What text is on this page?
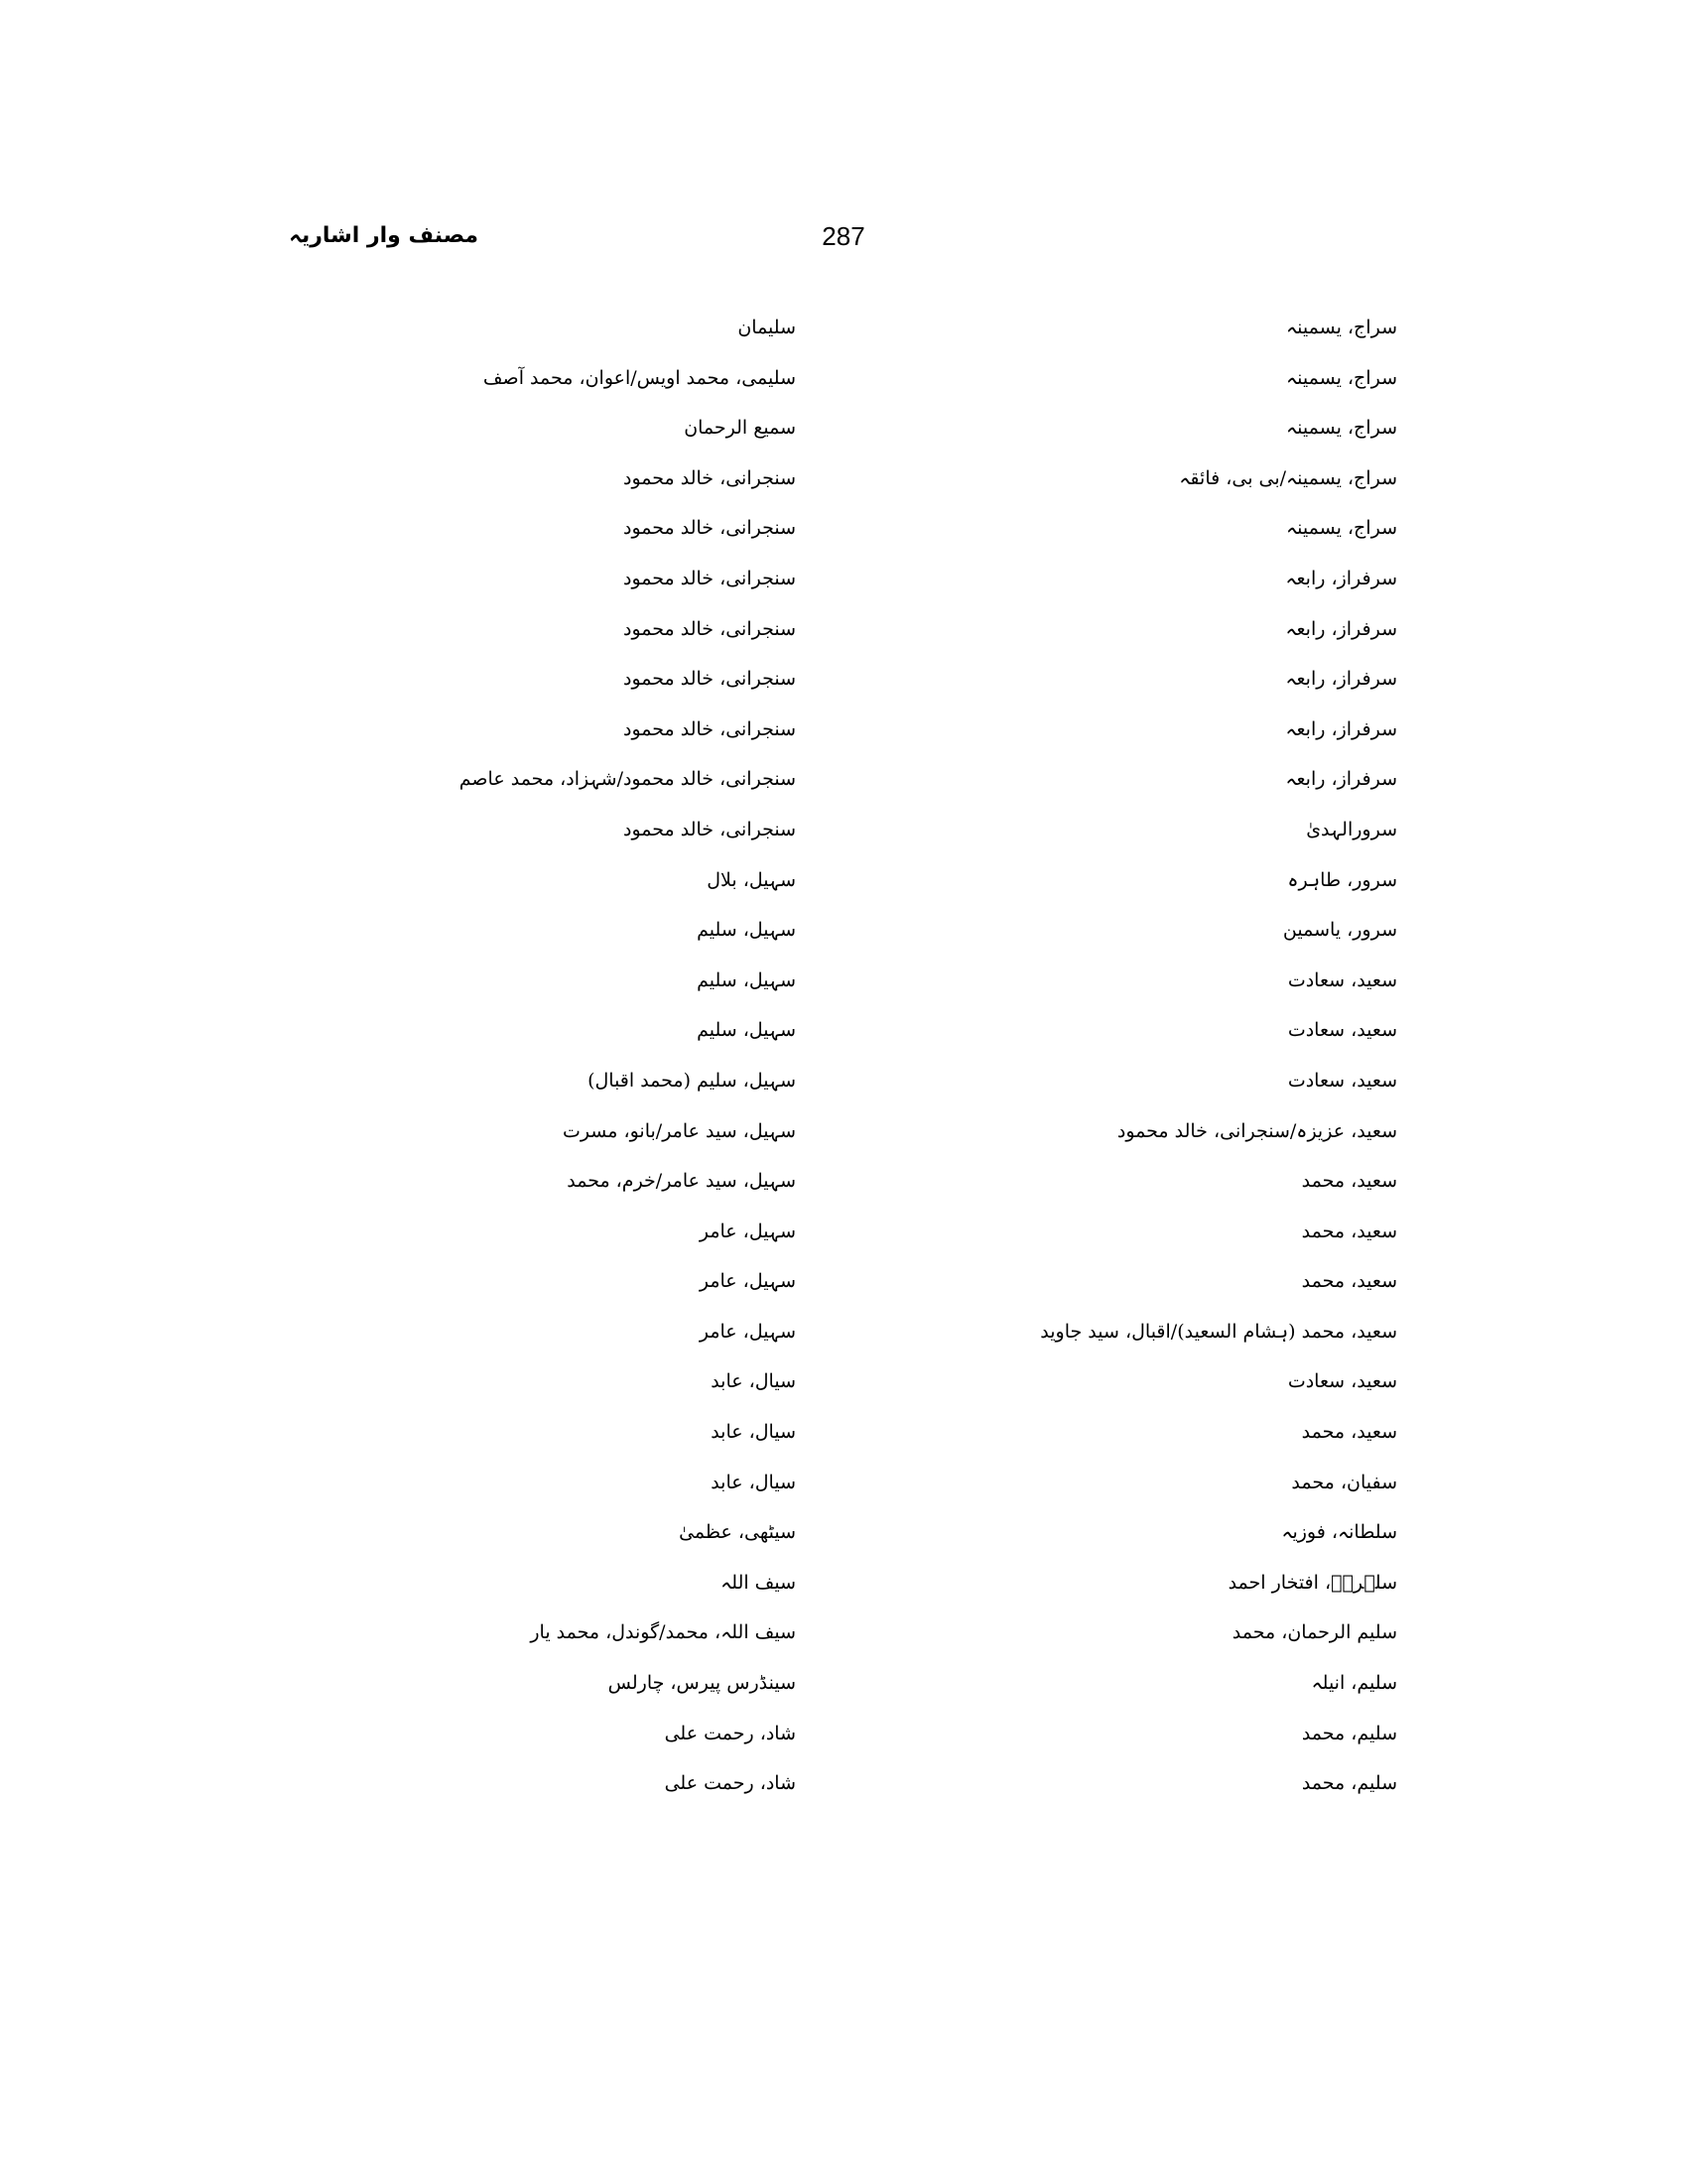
مصنف وار اشاریہ	287
سراج، یسمینہ
سراج، یسمینہ
سراج، یسمینہ
سراج، یسمینہ/بی بی، فائقہ
سراج، یسمینہ
سرفراز، رابعہ
سرفراز، رابعہ
سرفراز، رابعہ
سرفراز، رابعہ
سرفراز، رابعہ
سرورالہدیٰ
سرور، طاہرہ
سرور، یاسمین
سعید، سعادت
سعید، سعادت
سعید، سعادت
سعید، عزیزہ/سنجرانی، خالد محمود
سعید، محمد
سعید، محمد
سعید، محمد
سعید، محمد (ہشام السعید)/اقبال، سید جاوید
سعید، سعادت
سعید، محمد
سفیان، محمد
سلطانہ، فوزیہ
سلہریؒ، افتخار احمد
سلیم الرحمان، محمد
سلیم، انیلہ
سلیم، محمد
سلیم، محمد
سلیمان
سلیمی، محمد اویس/اعوان، محمد آصف
سمیع الرحمان
سنجرانی، خالد محمود
سنجرانی، خالد محمود
سنجرانی، خالد محمود
سنجرانی، خالد محمود
سنجرانی، خالد محمود
سنجرانی، خالد محمود
سنجرانی، خالد محمود/شہزاد، محمد عاصم
سنجرانی، خالد محمود
سہیل، بلال
سہیل، سلیم
سہیل، سلیم
سہیل، سلیم
سہیل، سلیم (محمد اقبال)
سہیل، سید عامر/بانو، مسرت
سہیل، سید عامر/خرم، محمد
سہیل، عامر
سہیل، عامر
سہیل، عامر
سیال، عابد
سیال، عابد
سیال، عابد
سیٹھی، عظمیٰ
سیف اللہ
سیف اللہ، محمد/گوندل، محمد یار
سینڈرس پیرس، چارلس
شاد، رحمت علی
شاد، رحمت علی
